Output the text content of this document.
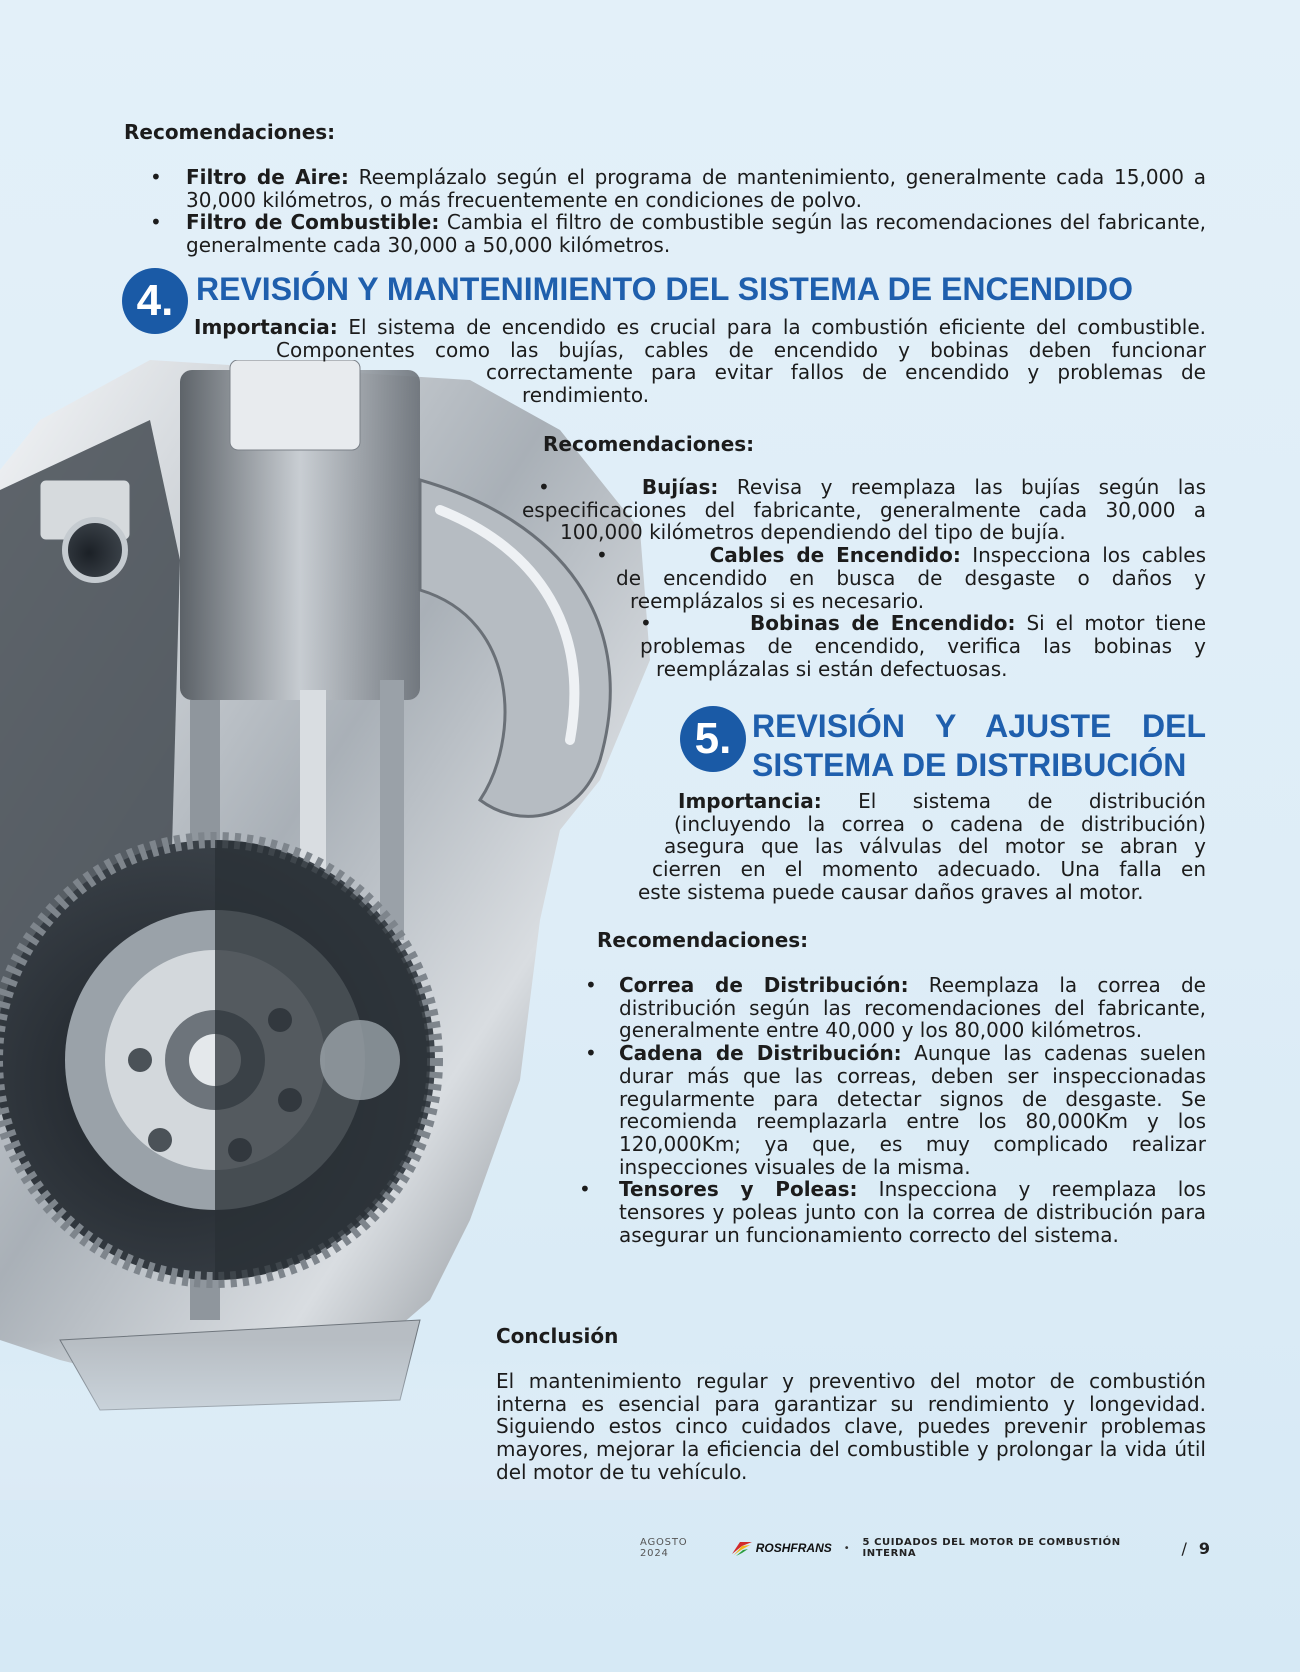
Recomendaciones:
• Filtro de Aire: Reemplázalo según el programa de mantenimiento, generalmente cada 15,000 a 30,000 kilómetros, o más frecuentemente en condiciones de polvo.
• Filtro de Combustible: Cambia el filtro de combustible según las recomendaciones del fabricante, generalmente cada 30,000 a 50,000 kilómetros.
4. REVISIÓN Y MANTENIMIENTO DEL SISTEMA DE ENCENDIDO
Importancia: El sistema de encendido es crucial para la combustión eficiente del combustible.
Componentes como las bujías, cables de encendido y bobinas deben funcionar
correctamente para evitar fallos de encendido y problemas de
rendimiento.
Recomendaciones:
•	Bujías: Revisa y reemplaza las bujías según las
especificaciones del fabricante, generalmente cada 30,000 a
100,000 kilómetros dependiendo del tipo de bujía.
•	Cables de Encendido: Inspecciona los cables
de encendido en busca de desgaste o daños y
reemplázalos si es necesario.
•	Bobinas de Encendido: Si el motor tiene
problemas de encendido, verifica las bobinas y
reemplázalas si están defectuosas.
5. REVISIÓN Y AJUSTE DEL
SISTEMA DE DISTRIBUCIÓN
Importancia: El sistema de distribución
(incluyendo la correa o cadena de distribución)
asegura que las válvulas del motor se abran y
cierren en el momento adecuado. Una falla en
este sistema puede causar daños graves al motor.
Recomendaciones:
• Correa de Distribución: Reemplaza la correa de distribución según las recomendaciones del fabricante, generalmente entre 40,000 y los 80,000 kilómetros.
• Cadena de Distribución: Aunque las cadenas suelen durar más que las correas, deben ser inspeccionadas regularmente para detectar signos de desgaste. Se recomienda reemplazarla entre los 80,000Km y los 120,000Km; ya que, es muy complicado realizar inspecciones visuales de la misma.
• Tensores y Poleas: Inspecciona y reemplaza los tensores y poleas junto con la correa de distribución para asegurar un funcionamiento correcto del sistema.
Conclusión
El mantenimiento regular y preventivo del motor de combustión interna es esencial para garantizar su rendimiento y longevidad. Siguiendo estos cinco cuidados clave, puedes prevenir problemas mayores, mejorar la eficiencia del combustible y prolongar la vida útil del motor de tu vehículo.
AGOSTO 2024	ROSHFRANS • 5 CUIDADOS DEL MOTOR DE COMBUSTIÓN INTERNA	/ 9
